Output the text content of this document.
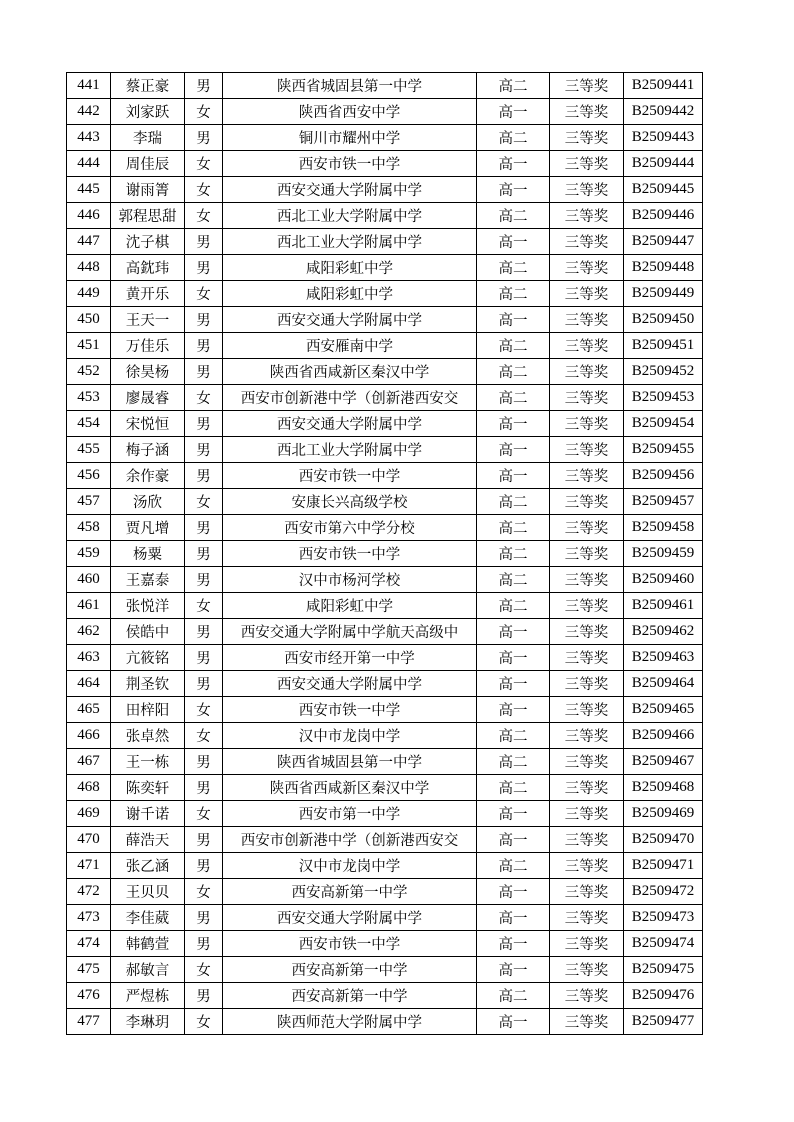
441	蔡正豪	男	陕西省城固县第一中学	高二	三等奖	B2509441
442	刘家跃	女	陕西省西安中学	高一	三等奖	B2509442
443	李瑞	男	铜川市耀州中学	高二	三等奖	B2509443
444	周佳辰	女	西安市铁一中学	高一	三等奖	B2509444
445	谢雨箐	女	西安交通大学附属中学	高一	三等奖	B2509445
446	郭程思甜	女	西北工业大学附属中学	高二	三等奖	B2509446
447	沈子棋	男	西北工业大学附属中学	高一	三等奖	B2509447
448	高鈂玮	男	咸阳彩虹中学	高二	三等奖	B2509448
449	黄开乐	女	咸阳彩虹中学	高二	三等奖	B2509449
450	王天一	男	西安交通大学附属中学	高一	三等奖	B2509450
451	万佳乐	男	西安雁南中学	高二	三等奖	B2509451
452	徐昊杨	男	陕西省西咸新区秦汉中学	高二	三等奖	B2509452
453	廖晟睿	女	西安市创新港中学（创新港西安交	高二	三等奖	B2509453
454	宋悦恒	男	西安交通大学附属中学	高一	三等奖	B2509454
455	梅子涵	男	西北工业大学附属中学	高一	三等奖	B2509455
456	余作豪	男	西安市铁一中学	高一	三等奖	B2509456
457	汤欣	女	安康长兴高级学校	高二	三等奖	B2509457
458	贾凡增	男	西安市第六中学分校	高二	三等奖	B2509458
459	杨粟	男	西安市铁一中学	高二	三等奖	B2509459
460	王嘉泰	男	汉中市杨河学校	高二	三等奖	B2509460
461	张悦洋	女	咸阳彩虹中学	高二	三等奖	B2509461
462	侯皓中	男	西安交通大学附属中学航天高级中	高一	三等奖	B2509462
463	亢筱铭	男	西安市经开第一中学	高一	三等奖	B2509463
464	荆圣钦	男	西安交通大学附属中学	高一	三等奖	B2509464
465	田梓阳	女	西安市铁一中学	高一	三等奖	B2509465
466	张卓然	女	汉中市龙岗中学	高二	三等奖	B2509466
467	王一栋	男	陕西省城固县第一中学	高二	三等奖	B2509467
468	陈奕轩	男	陕西省西咸新区秦汉中学	高二	三等奖	B2509468
469	谢千诺	女	西安市第一中学	高一	三等奖	B2509469
470	薛浩天	男	西安市创新港中学（创新港西安交	高一	三等奖	B2509470
471	张乙涵	男	汉中市龙岗中学	高二	三等奖	B2509471
472	王贝贝	女	西安高新第一中学	高一	三等奖	B2509472
473	李佳葳	男	西安交通大学附属中学	高一	三等奖	B2509473
474	韩鹤萱	男	西安市铁一中学	高一	三等奖	B2509474
475	郝敏言	女	西安高新第一中学	高一	三等奖	B2509475
476	严煜栋	男	西安高新第一中学	高二	三等奖	B2509476
477	李琳玥	女	陕西师范大学附属中学	高一	三等奖	B2509477
